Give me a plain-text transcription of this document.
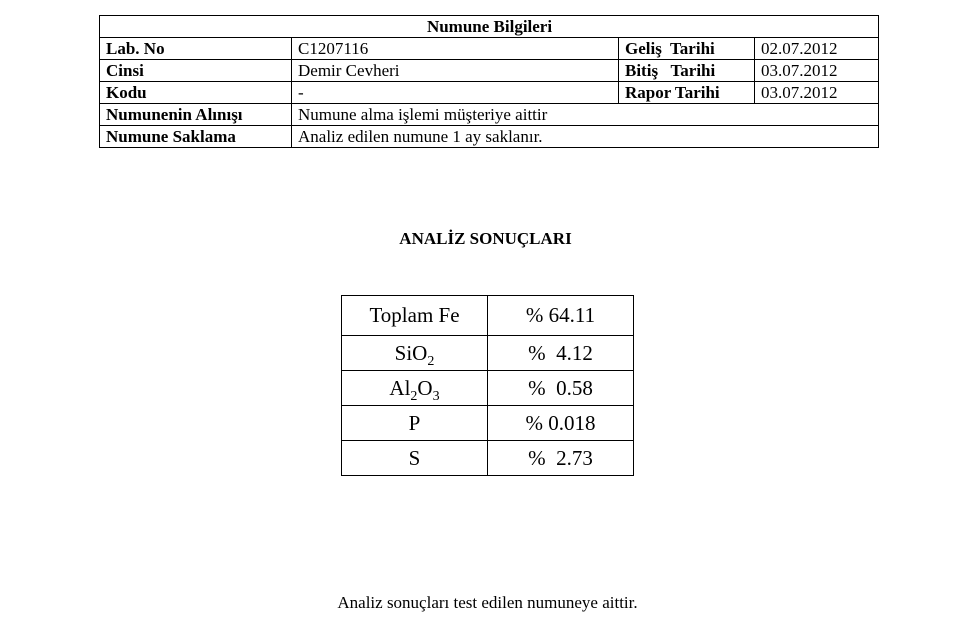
Numune Bilgileri			
Lab. No	C1207116	Geliş  Tarihi	02.07.2012
Cinsi	Demir Cevheri	Bitiş   Tarihi	03.07.2012
Kodu	-	Rapor Tarihi	03.07.2012
Numunenin Alınışı	Numune alma işlemi müşteriye aittir		
Numune Saklama	Analiz edilen numune 1 ay saklanır.		
ANALİZ SONUÇLARI
Toplam Fe	% 64.11
SiO$_2$	%  4.12
$Al_2O_3$	%  0.58
P	% 0.018
S	%  2.73
Analiz sonuçları test edilen numuneye aittir.
